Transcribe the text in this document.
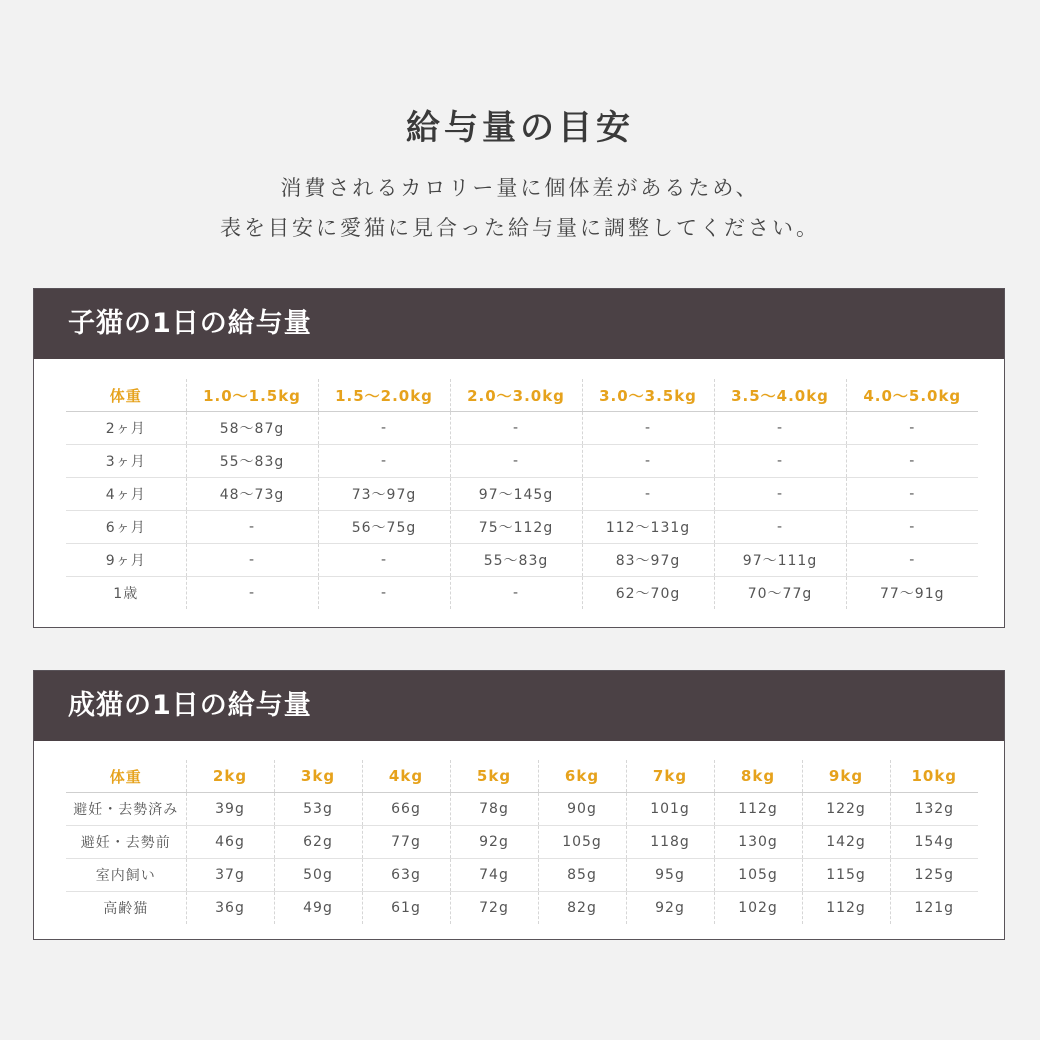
給与量の目安
消費されるカロリー量に個体差があるため、
表を目安に愛猫に見合った給与量に調整してください。
子猫の1日の給与量
体重	1.0～1.5kg	1.5～2.0kg	2.0～3.0kg	3.0～3.5kg	3.5～4.0kg	4.0～5.0kg
2ヶ月	58～87g	-	-	-	-	-
3ヶ月	55～83g	-	-	-	-	-
4ヶ月	48～73g	73～97g	97～145g	-	-	-
6ヶ月	-	56～75g	75～112g	112～131g	-	-
9ヶ月	-	-	55～83g	83～97g	97～111g	-
1歳	-	-	-	62～70g	70～77g	77～91g
成猫の1日の給与量
体重	2kg	3kg	4kg	5kg	6kg	7kg	8kg	9kg	10kg
避妊・去勢済み	39g	53g	66g	78g	90g	101g	112g	122g	132g
避妊・去勢前	46g	62g	77g	92g	105g	118g	130g	142g	154g
室内飼い	37g	50g	63g	74g	85g	95g	105g	115g	125g
高齢猫	36g	49g	61g	72g	82g	92g	102g	112g	121g
